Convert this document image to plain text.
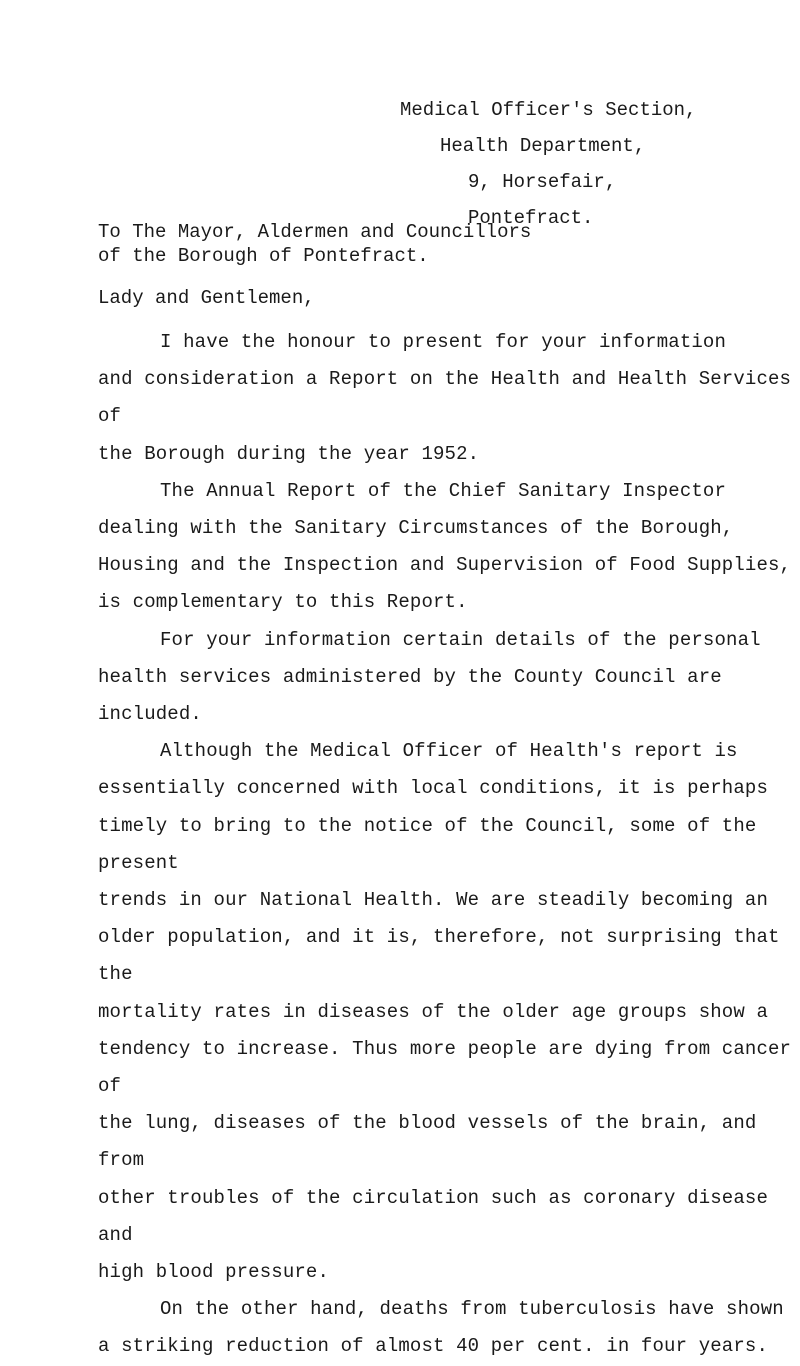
Medical Officer's Section,
Health Department,
9, Horsefair,
Pontefract.
To The Mayor, Aldermen and Councillors
of the Borough of Pontefract.
Lady and Gentlemen,

I have the honour to present for your information
and consideration a Report on the Health and Health Services of
the Borough during the year 1952.

The Annual Report of the Chief Sanitary Inspector
dealing with the Sanitary Circumstances of the Borough,
Housing and the Inspection and Supervision of Food Supplies,
is complementary to this Report.

For your information certain details of the personal
health services administered by the County Council are
included.

Although the Medical Officer of Health's report is
essentially concerned with local conditions, it is perhaps
timely to bring to the notice of the Council, some of the present
trends in our National Health. We are steadily becoming an
older population, and it is, therefore, not surprising that the
mortality rates in diseases of the older age groups show a
tendency to increase. Thus more people are dying from cancer of
the lung, diseases of the blood vessels of the brain, and from
other troubles of the circulation such as coronary disease and
high blood pressure.

On the other hand, deaths from tuberculosis have shown
a striking reduction of almost 40 per cent. in four years.
